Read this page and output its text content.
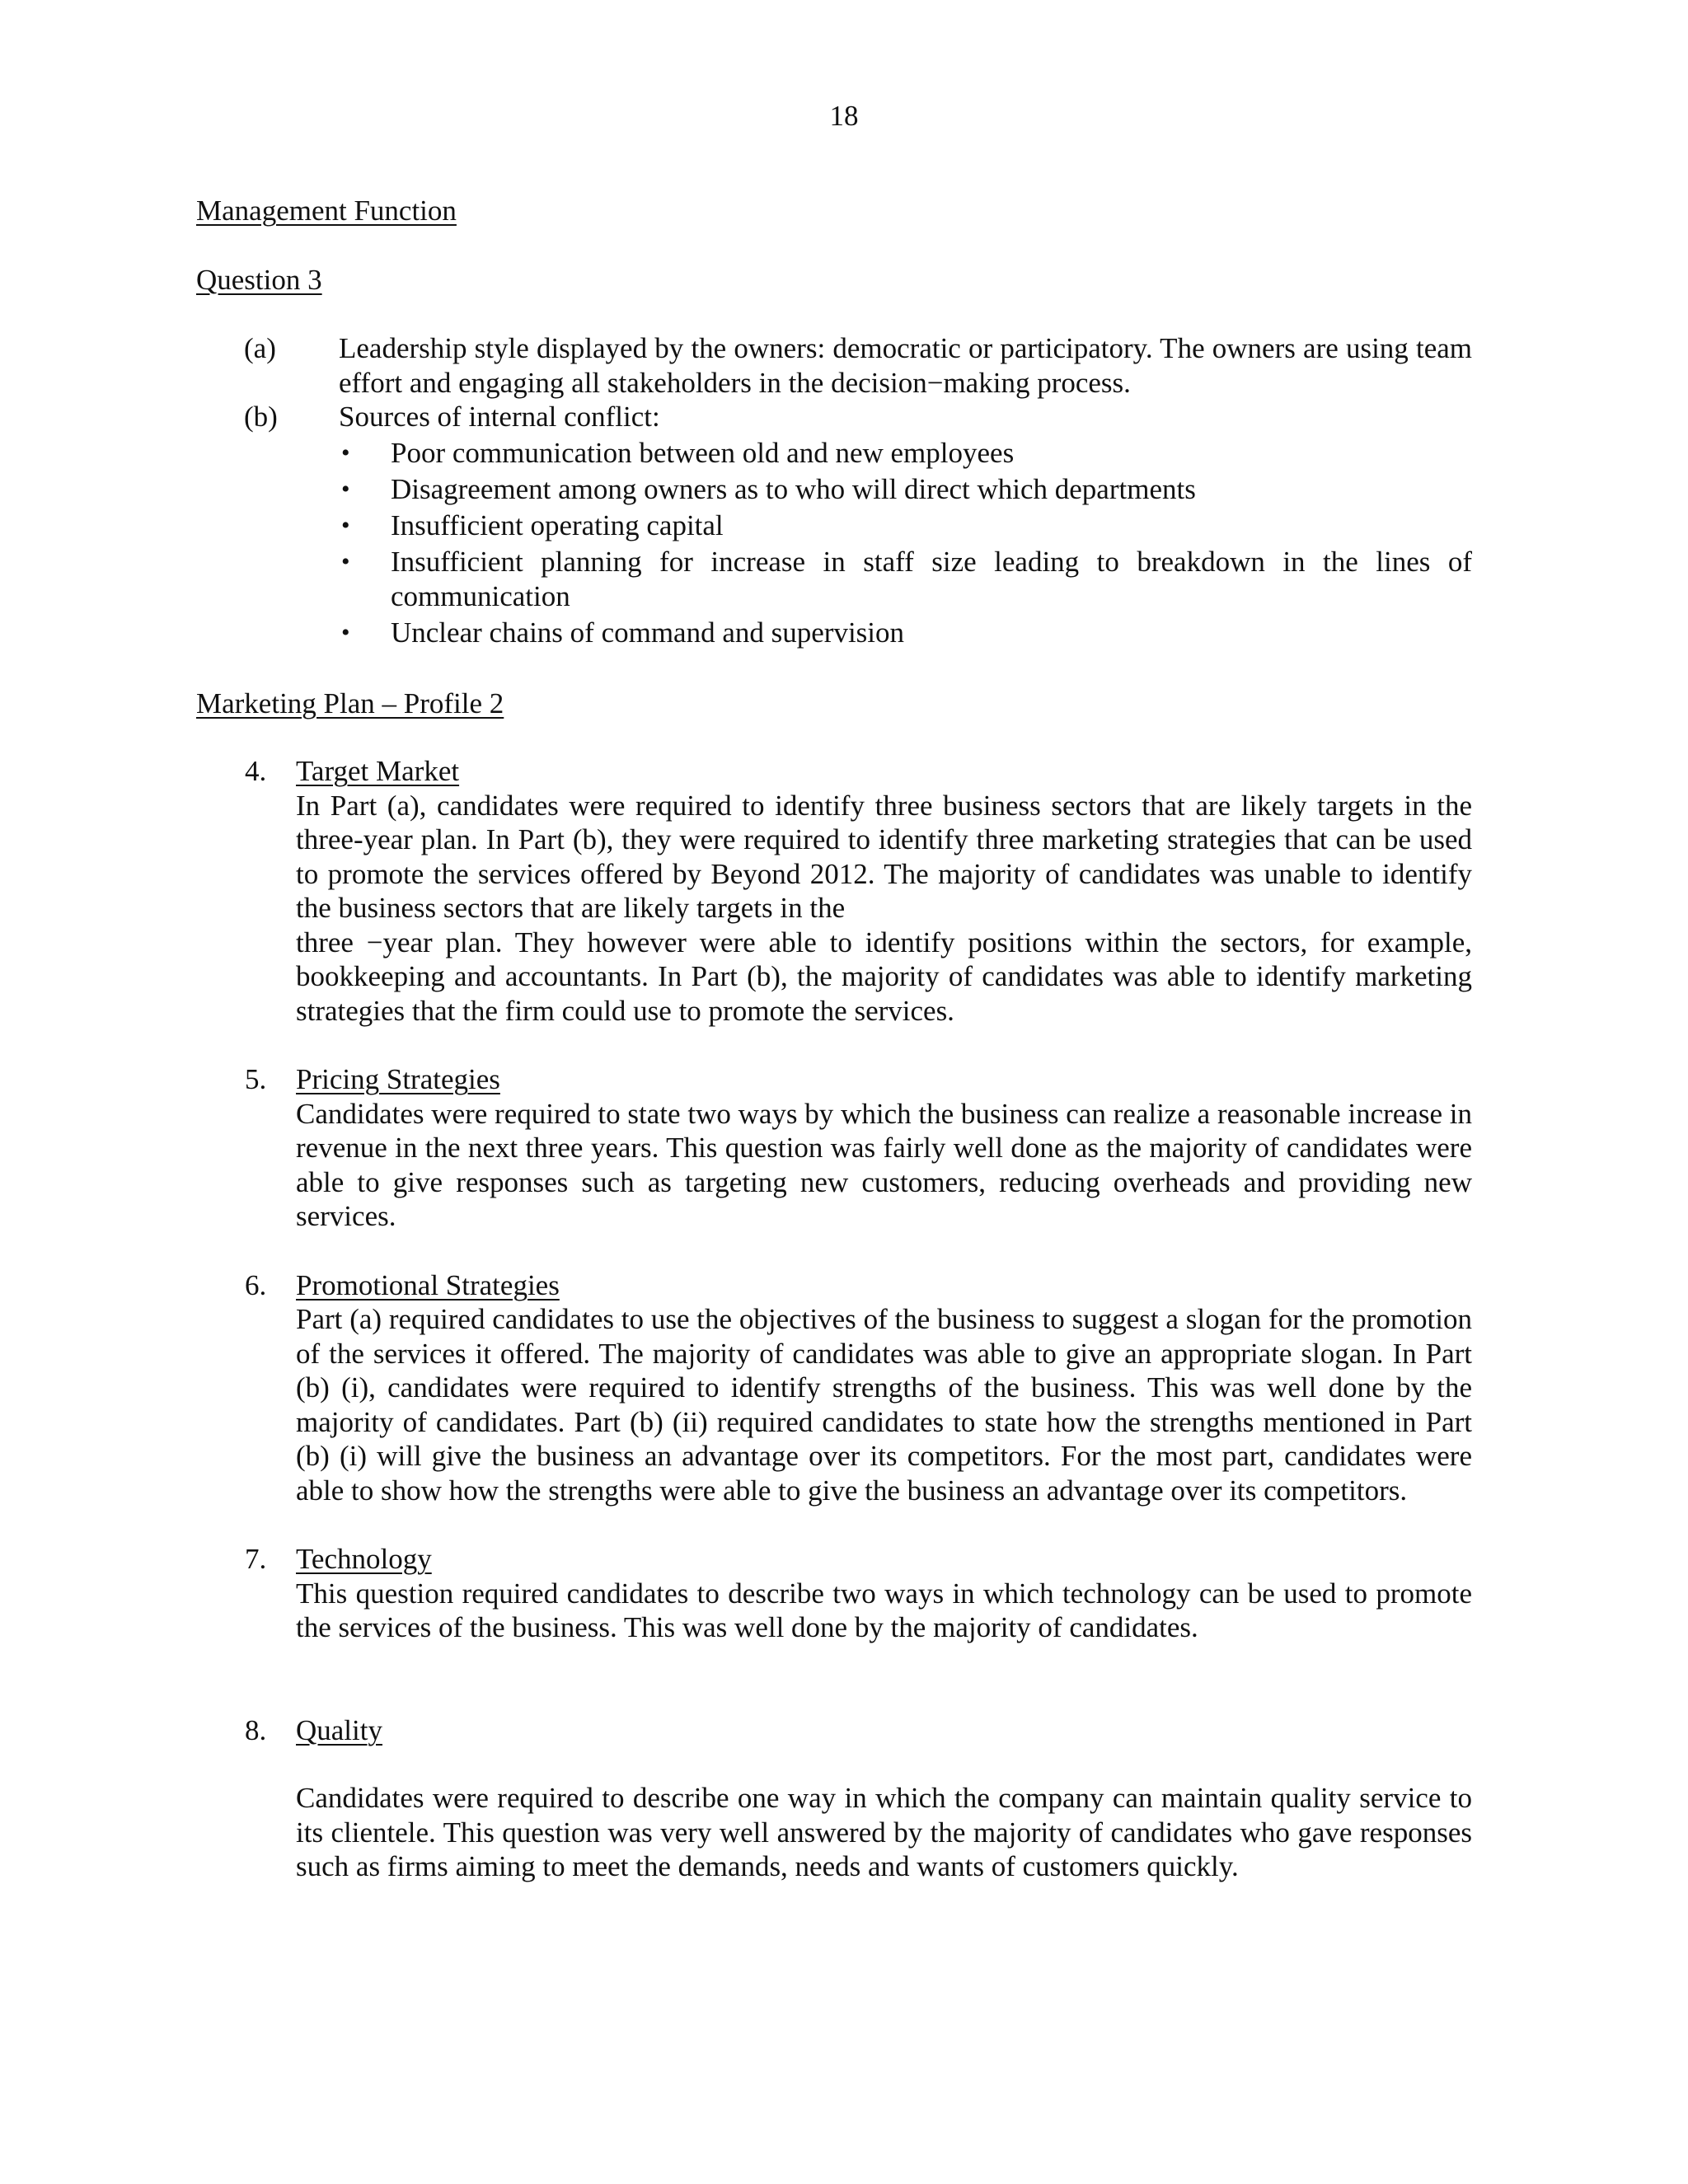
18
Management Function
Question 3
(a)	Leadership style displayed by the owners: democratic or participatory. The owners are using team effort and engaging all stakeholders in the decision−making process.

(b)	Sources of internal conflict:

•	Poor communication between old and new employees
•	Disagreement among owners as to who will direct which departments
•	Insufficient operating capital
•	Insufficient planning for increase in staff size leading to breakdown in the lines of communication
•	Unclear chains of command and supervision
Marketing Plan – Profile 2
4.	Target Market

In Part (a), candidates were required to identify three business sectors that are likely targets in the three-year plan. In Part (b), they were required to identify three marketing strategies that can be used to promote the services offered by Beyond 2012. The majority of candidates was unable to identify the business sectors that are likely targets in the

three −year plan. They however were able to identify positions within the sectors, for example, bookkeeping and accountants. In Part (b), the majority of candidates was able to identify marketing strategies that the firm could use to promote the services.

5.	Pricing Strategies

Candidates were required to state two ways by which the business can realize a reasonable increase in revenue in the next three years. This question was fairly well done as the majority of candidates were able to give responses such as targeting new customers, reducing overheads and providing new services.

6.	Promotional Strategies

Part (a) required candidates to use the objectives of the business to suggest a slogan for the promotion of the services it offered. The majority of candidates was able to give an appropriate slogan. In Part (b) (i), candidates were required to identify strengths of the business. This was well done by the majority of candidates. Part (b) (ii) required candidates to state how the strengths mentioned in Part (b) (i) will give the business an advantage over its competitors. For the most part, candidates were able to show how the strengths were able to give the business an advantage over its competitors.

7.	Technology

This question required candidates to describe two ways in which technology can be used to promote the services of the business. This was well done by the majority of candidates.

8.	Quality

Candidates were required to describe one way in which the company can maintain quality service to its clientele. This question was very well answered by the majority of candidates who gave responses such as firms aiming to meet the demands, needs and wants of customers quickly.
